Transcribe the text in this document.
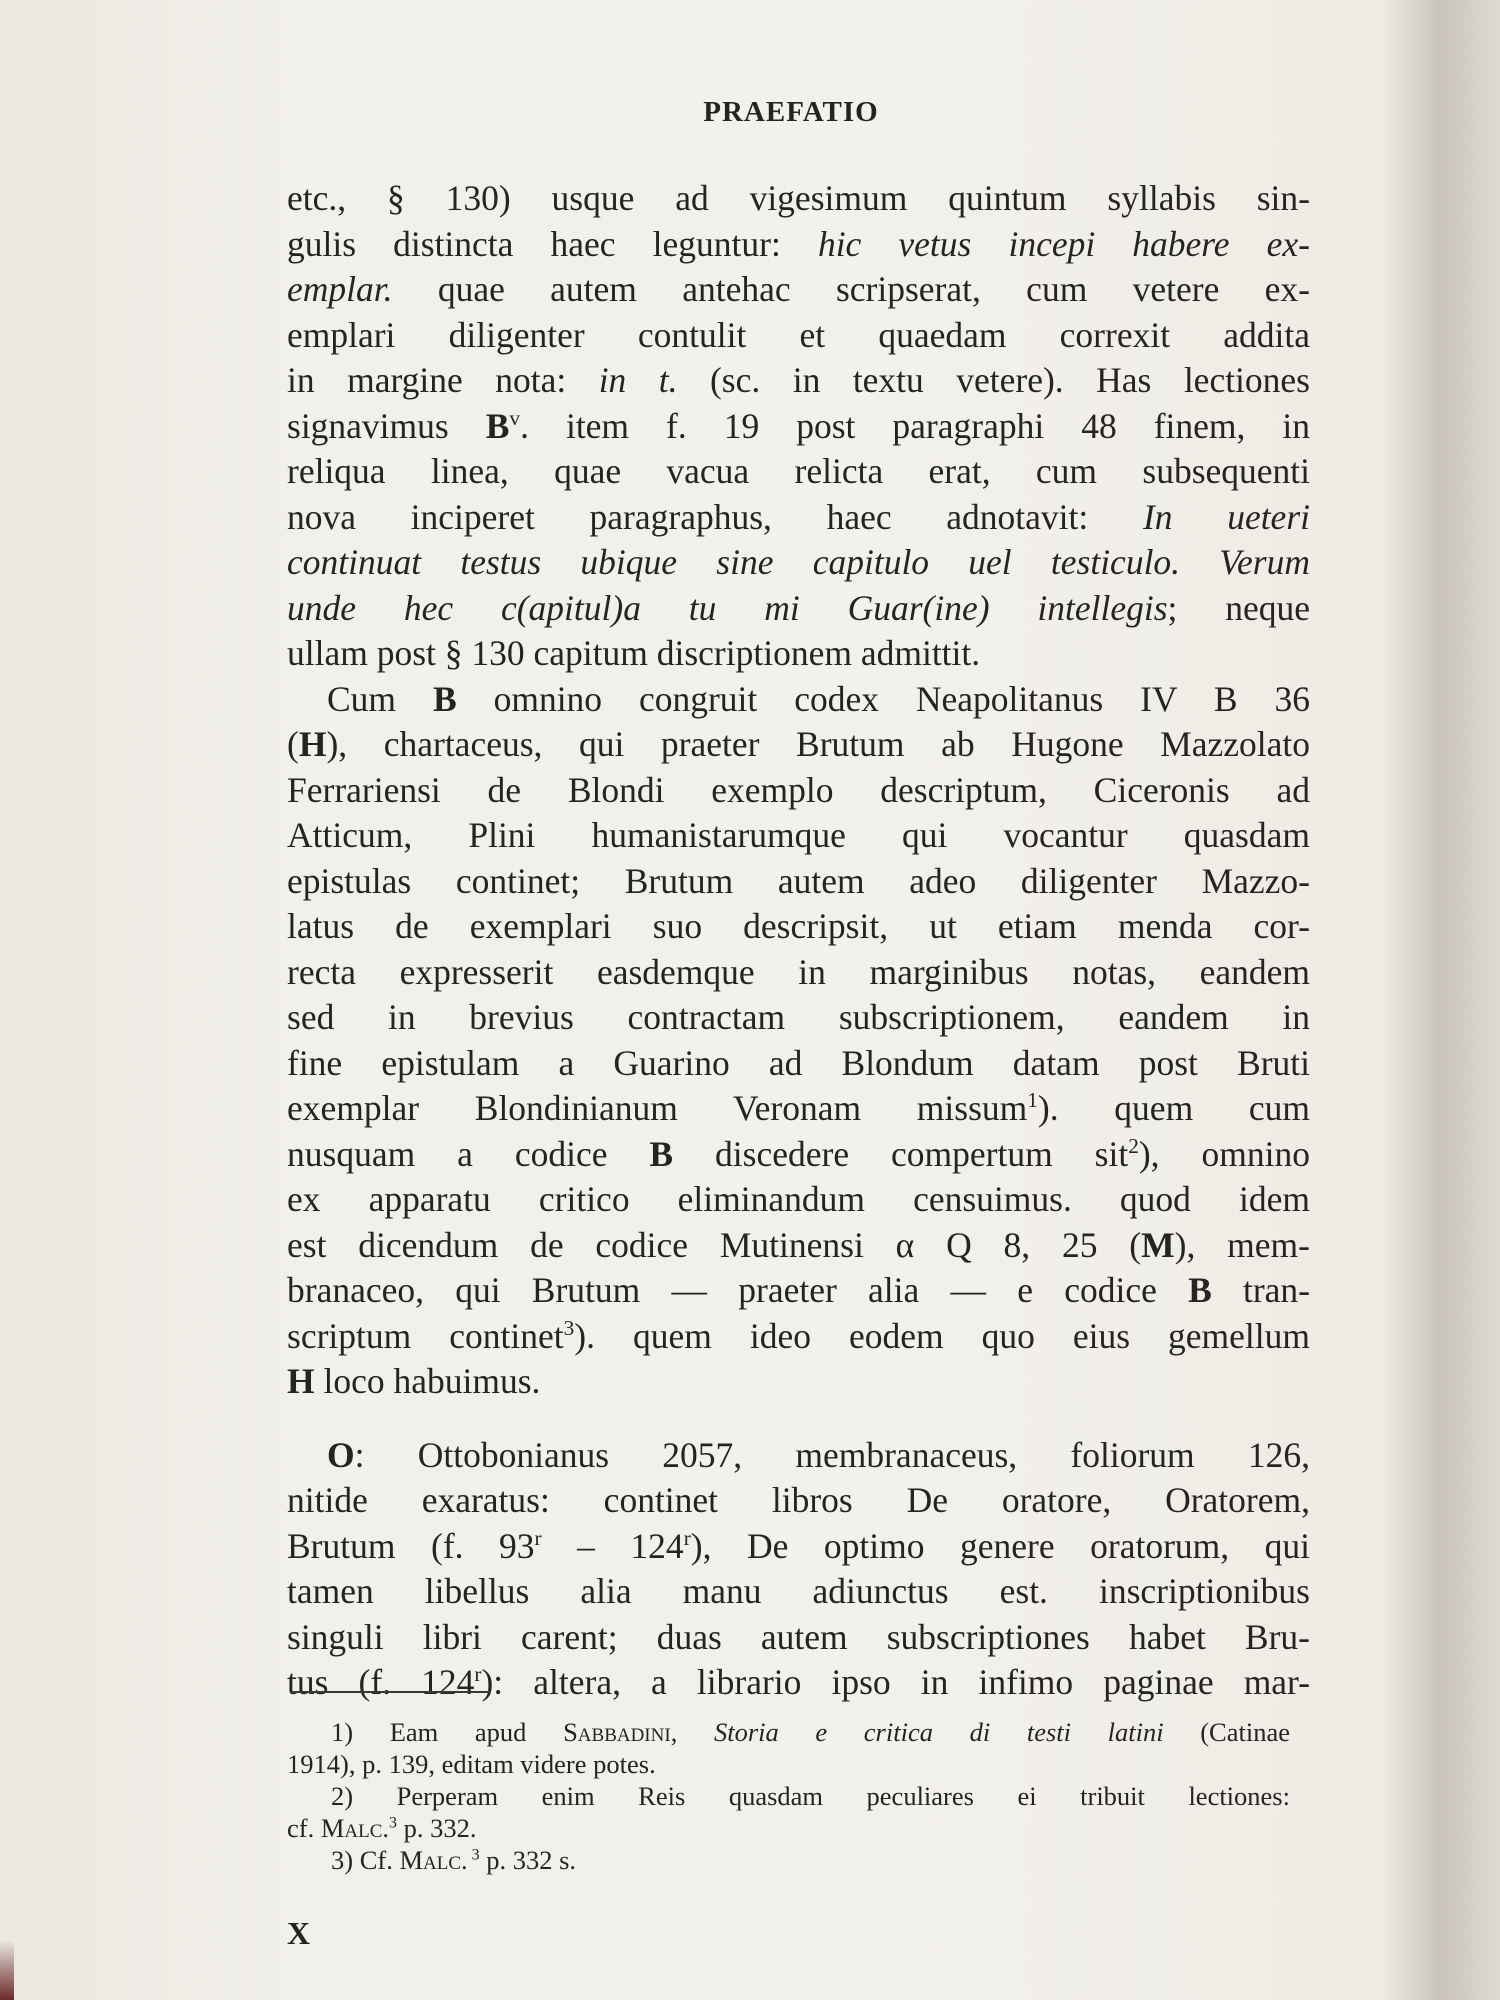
PRAEFATIO
etc., § 130) usque ad vigesimum quintum syllabis sin-
gulis distincta haec leguntur: hic vetus incepi habere ex-
emplar. quae autem antehac scripserat, cum vetere ex-
emplari diligenter contulit et quaedam correxit addita
in margine nota: in t. (sc. in textu vetere). Has lectiones
signavimus $B^v$. item f. 19 post paragraphi 48 finem, in
reliqua linea, quae vacua relicta erat, cum subsequenti
nova inciperet paragraphus, haec adnotavit: In ueteri
continuat testus ubique sine capitulo uel testiculo. Verum
unde hec c(apitul)a tu mi Guar(ine) intellegis; neque
ullam post § 130 capitum discriptionem admittit.
Cum B omnino congruit codex Neapolitanus IV B 36
(H), chartaceus, qui praeter Brutum ab Hugone Mazzolato
Ferrariensi de Blondi exemplo descriptum, Ciceronis ad
Atticum, Plini humanistarumque qui vocantur quasdam
epistulas continet; Brutum autem adeo diligenter Mazzo-
latus de exemplari suo descripsit, ut etiam menda cor-
recta expresserit easdemque in marginibus notas, eandem
sed in brevius contractam subscriptionem, eandem in
fine epistulam a Guarino ad Blondum datam post Bruti
exemplar Blondinianum Veronam missum$^1$). quem cum
nusquam a codice B discedere compertum sit$^2$), omnino
ex apparatu critico eliminandum censuimus. quod idem
est dicendum de codice Mutinensi α Q 8, 25 (M), mem-
branaceo, qui Brutum — praeter alia — e codice B tran-
scriptum continet$^3$). quem ideo eodem quo eius gemellum
H loco habuimus.
O: Ottobonianus 2057, membranaceus, foliorum 126,
nitide exaratus: continet libros De oratore, Oratorem,
Brutum (f. 93$^r$ – 124$^r$), De optimo genere oratorum, qui
tamen libellus alia manu adiunctus est. inscriptionibus
singuli libri carent; duas autem subscriptiones habet Bru-
tus (f. 124$^r$): altera, a librario ipso in infimo paginae mar-
1) Eam apud Sabbadini, Storia e critica di testi latini (Catinae
1914), p. 139, editam videre potes.
2) Perperam enim Reis quasdam peculiares ei tribuit lectiones:
cf. Malc.$^3$ p. 332.
3) Cf. Malc. $^3$ p. 332 s.
X
